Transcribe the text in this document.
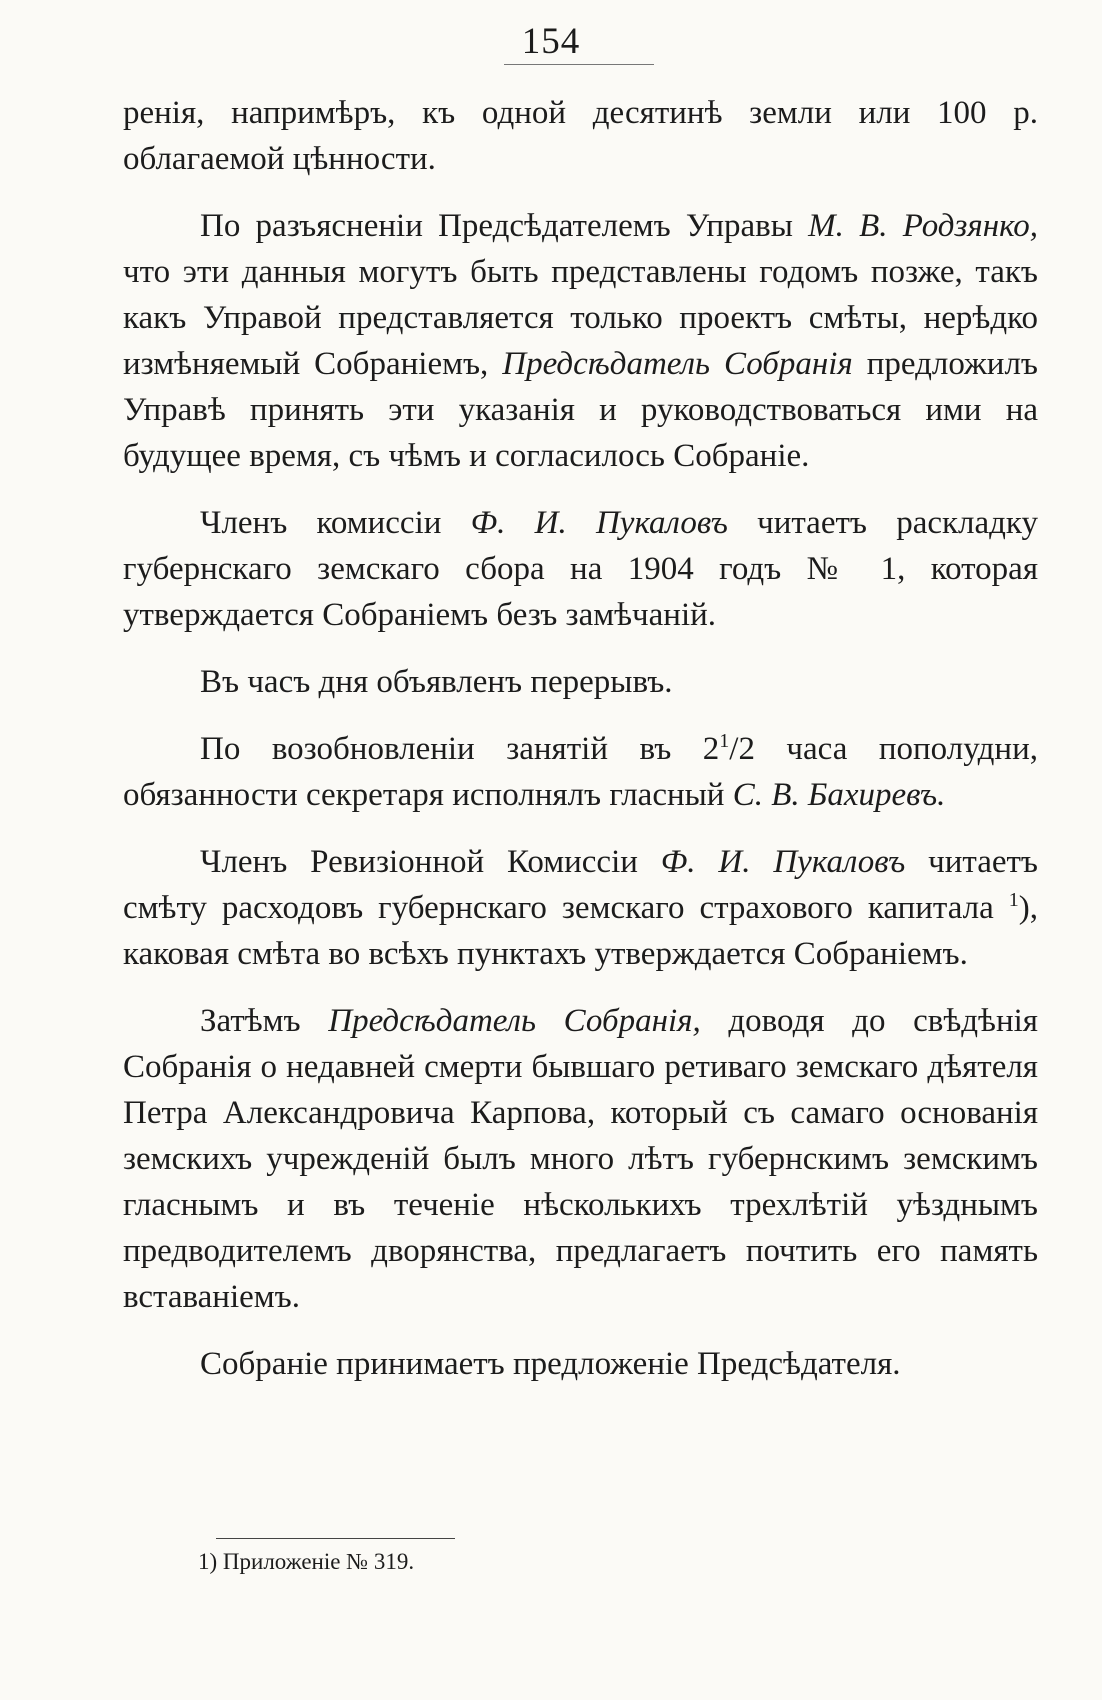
154

ренія, напримѣръ, къ одной десятинѣ земли или 100 р. облагаемой цѣнности.

По разъясненіи Предсѣдателемъ Управы М. В. Родзянко, что эти данныя могутъ быть представлены годомъ позже, такъ какъ Управой представляется только проектъ смѣты, нерѣдко измѣняемый Собраніемъ, Предсѣдатель Собранія предложилъ Управѣ принять эти указанія и руководствоваться ими на будущее время, съ чѣмъ и согласилось Собраніе.

Членъ комиссіи Ф. И. Пукаловъ читаетъ раскладку губернскаго земскаго сбора на 1904 годъ № 1, которая утверждается Собраніемъ безъ замѣчаній.

Въ часъ дня объявленъ перерывъ.

По возобновленіи занятій въ $2^1/2$ часа пополудни, обязанности секретаря исполнялъ гласный С. В. Бахиревъ.

Членъ Ревизіонной Комиссіи Ф. И. Пукаловъ читаетъ смѣту расходовъ губернскаго земскаго страхового капитала $^1$), каковая смѣта во всѣхъ пунктахъ утверждается Собраніемъ.

Затѣмъ Предсѣдатель Собранія, доводя до свѣдѣнія Собранія о недавней смерти бывшаго ретиваго земскаго дѣятеля Петра Александровича Карпова, который съ самаго основанія земскихъ учрежденій былъ много лѣтъ губернскимъ земскимъ гласнымъ и въ теченіе нѣсколькихъ трехлѣтій уѣзднымъ предводителемъ дворянства, предлагаетъ почтить его память вставаніемъ.

Собраніе принимаетъ предложеніе Предсѣдателя.

1) Приложеніе № 319.
